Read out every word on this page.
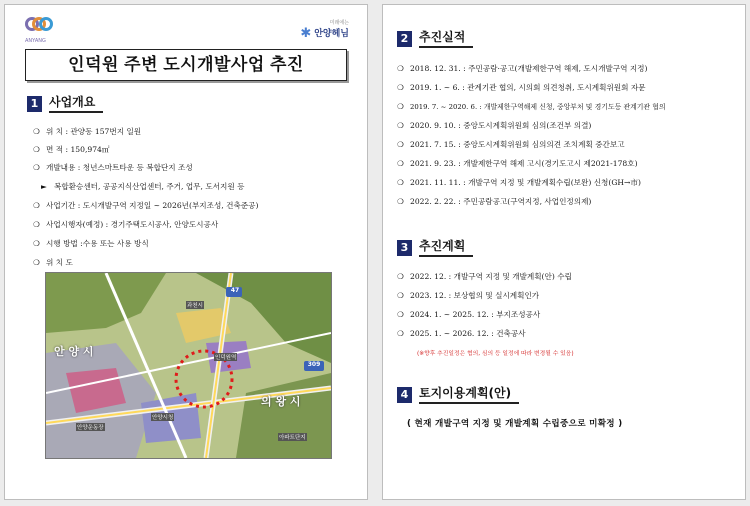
ANYANG	✱
미래에는
안양헤님
인덕원 주변 도시개발사업 추진
1 사업개요
❍ 위 치 : 관양동 157번지 일원
❍ 면 적 : 150,974㎡
❍ 개발내용 : 청년스마트타운 등 복합단지 조성
► 복합환승센터, 공공지식산업센터, 주거, 업무, 도서지원 등
❍ 사업기간 : 도시개발구역 지정일 ~ 2026년(부지조성, 건축준공)
❍ 사업시행자(예정) : 경기주택도시공사, 안양도시공사
❍ 시행 방법 :수용 또는 사용 방식
❍ 위 치 도
47
309
안 양 시
의 왕 시
과천시
인덕원역
안양운동장
안양시청
아파트단지
2 추진실적
❍ 2018. 12. 31. : 주민공람·공고(개발제한구역 해제, 도시개발구역 지정)
❍ 2019. 1. ~ 6. : 관계기관 협의, 시의회 의견청취, 도시계획위원회 자문
❍ 2019. 7. ~ 2020. 6. : 개발제한구역해제 신청, 중앙부처 및 경기도등 관계기관 협의
❍ 2020. 9. 10. : 중앙도시계획위원회 심의(조건부 의결)
❍ 2021. 7. 15. : 중앙도시계획위원회 심의의견 조치계획 중간보고
❍ 2021. 9. 23. : 개발제한구역 해제 고시(경기도고시 제2021-178호)
❍ 2021. 11. 11. : 개발구역 지정 및 개발계획수립(보완) 신청(GH→市)
❍ 2022. 2. 22. : 주민공람공고(구역지정, 사업인정의제)
3 추진계획
❍ 2022. 12. : 개발구역 지정 및 개발계획(안) 수립
❍ 2023. 12. : 보상협의 및 실시계획인가
❍ 2024. 1. ~ 2025. 12. : 부지조성공사
❍ 2025. 1. ~ 2026. 12. : 건축공사
(※향후 추진일정은 협의, 심의 등 일정에 따라 변경될 수 있음)
4 토지이용계획(안)
( 현재 개발구역 지정 및 개발계획 수립중으로 미확정 )
